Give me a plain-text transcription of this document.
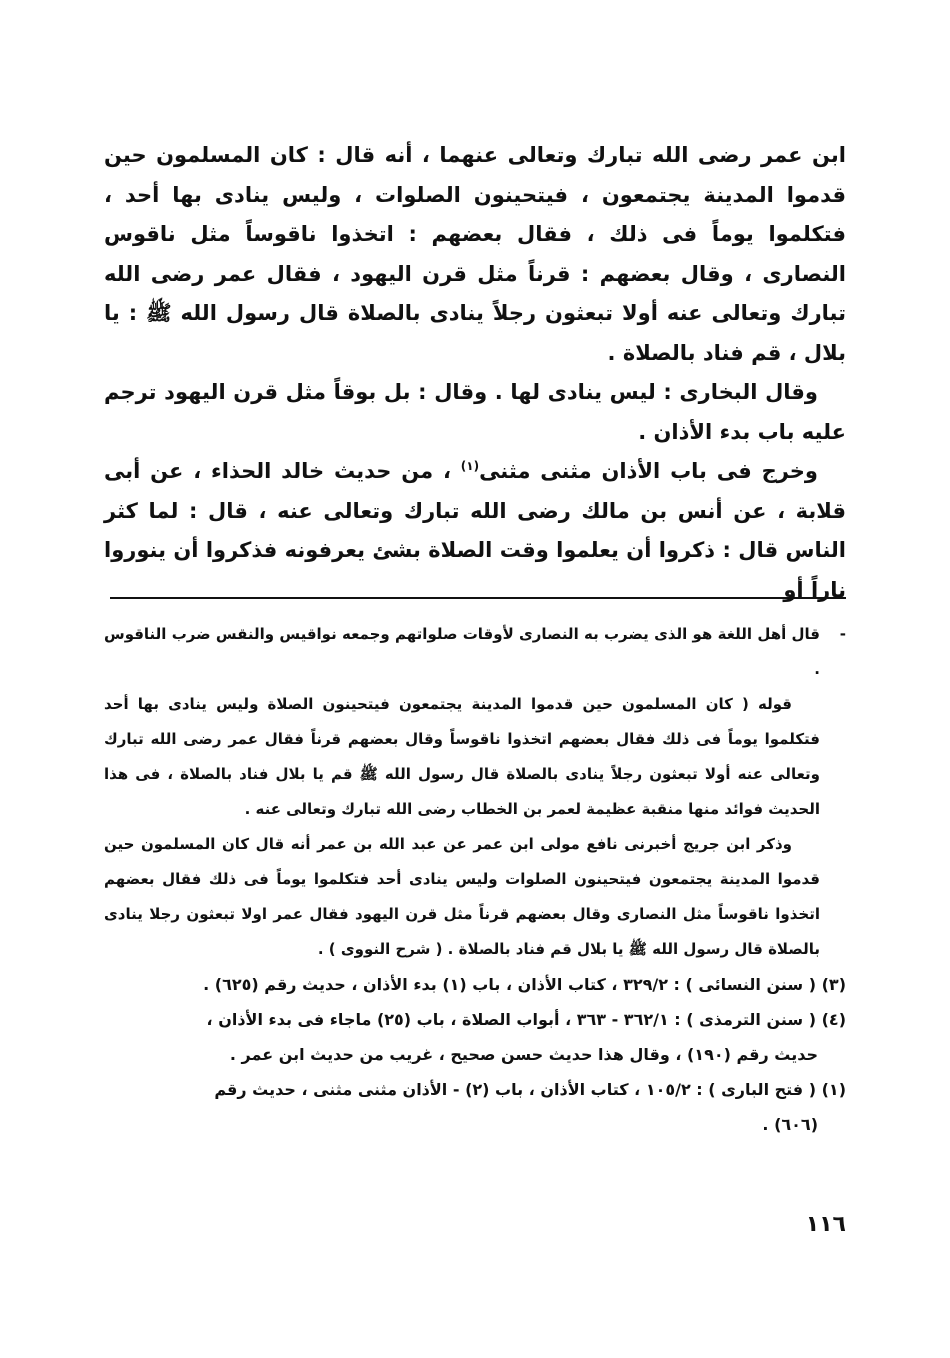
ابن عمر رضى الله تبارك وتعالى عنهما ، أنه قال : كان المسلمون حين قدموا المدينة يجتمعون ، فيتحينون الصلوات ، وليس ينادى بها أحد ، فتكلموا يوماً فى ذلك ، فقال بعضهم : اتخذوا ناقوساً مثل ناقوس النصارى ، وقال بعضهم : قرناً مثل قرن اليهود ، فقال عمر رضى الله تبارك وتعالى عنه أولا تبعثون رجلاً ينادى بالصلاة قال رسول الله ﷺ : يا بلال ، قم فناد بالصلاة .

وقال البخارى : ليس ينادى لها . وقال : بل بوقاً مثل قرن اليهود ترجم عليه باب بدء الأذان .

وخرج فى باب الأذان مثنى مثنى$^{(١)}$ ، من حديث خالد الحذاء ، عن أبى قلابة ، عن أنس بن مالك رضى الله تبارك وتعالى عنه ، قال : لما كثر الناس قال : ذكروا أن يعلموا وقت الصلاة بشئ يعرفونه فذكروا أن ينوروا ناراً أو

-
قال أهل اللغة هو الذى يضرب به النصارى لأوقات صلواتهم وجمعه نواقيس والنقس ضرب الناقوس .

قوله ( كان المسلمون حين قدموا المدينة يجتمعون فيتحينون الصلاة وليس ينادى بها أحد فتكلموا يوماً فى ذلك فقال بعضهم اتخذوا ناقوساً وقال بعضهم قرناً فقال عمر رضى الله تبارك وتعالى عنه أولا تبعثون رجلاً ينادى بالصلاة قال رسول الله ﷺ قم يا بلال فناد بالصلاة ، فى هذا الحديث فوائد منها منقبة عظيمة لعمر بن الخطاب رضى الله تبارك وتعالى عنه .

وذكر ابن جريج أخبرنى نافع مولى ابن عمر عن عبد الله بن عمر أنه قال كان المسلمون حين قدموا المدينة يجتمعون فيتحينون الصلوات وليس ينادى أحد فتكلموا يوماً فى ذلك فقال بعضهم اتخذوا ناقوساً مثل النصارى وقال بعضهم قرناً مثل قرن اليهود فقال عمر اولا تبعثون رجلا ينادى بالصلاة قال رسول الله ﷺ يا بلال قم فناد بالصلاة . ( شرح النووى ) .

(٣) ( سنن النسائى ) : ٣٢٩/٢ ، كتاب الأذان ، باب (١) بدء الأذان ، حديث رقم (٦٢٥) .

(٤) ( سنن الترمذى ) : ٣٦٢/١ - ٣٦٣ ، أبواب الصلاة ، باب (٢٥) ماجاء فى بدء الأذان ،
حديث رقم (١٩٠) ، وقال هذا حديث حسن صحيح ، غريب من حديث ابن عمر .

(١) ( فتح البارى ) : ١٠٥/٢ ، كتاب الأذان ، باب (٢) - الأذان مثنى مثنى ، حديث رقم
(٦٠٦) .

١١٦
